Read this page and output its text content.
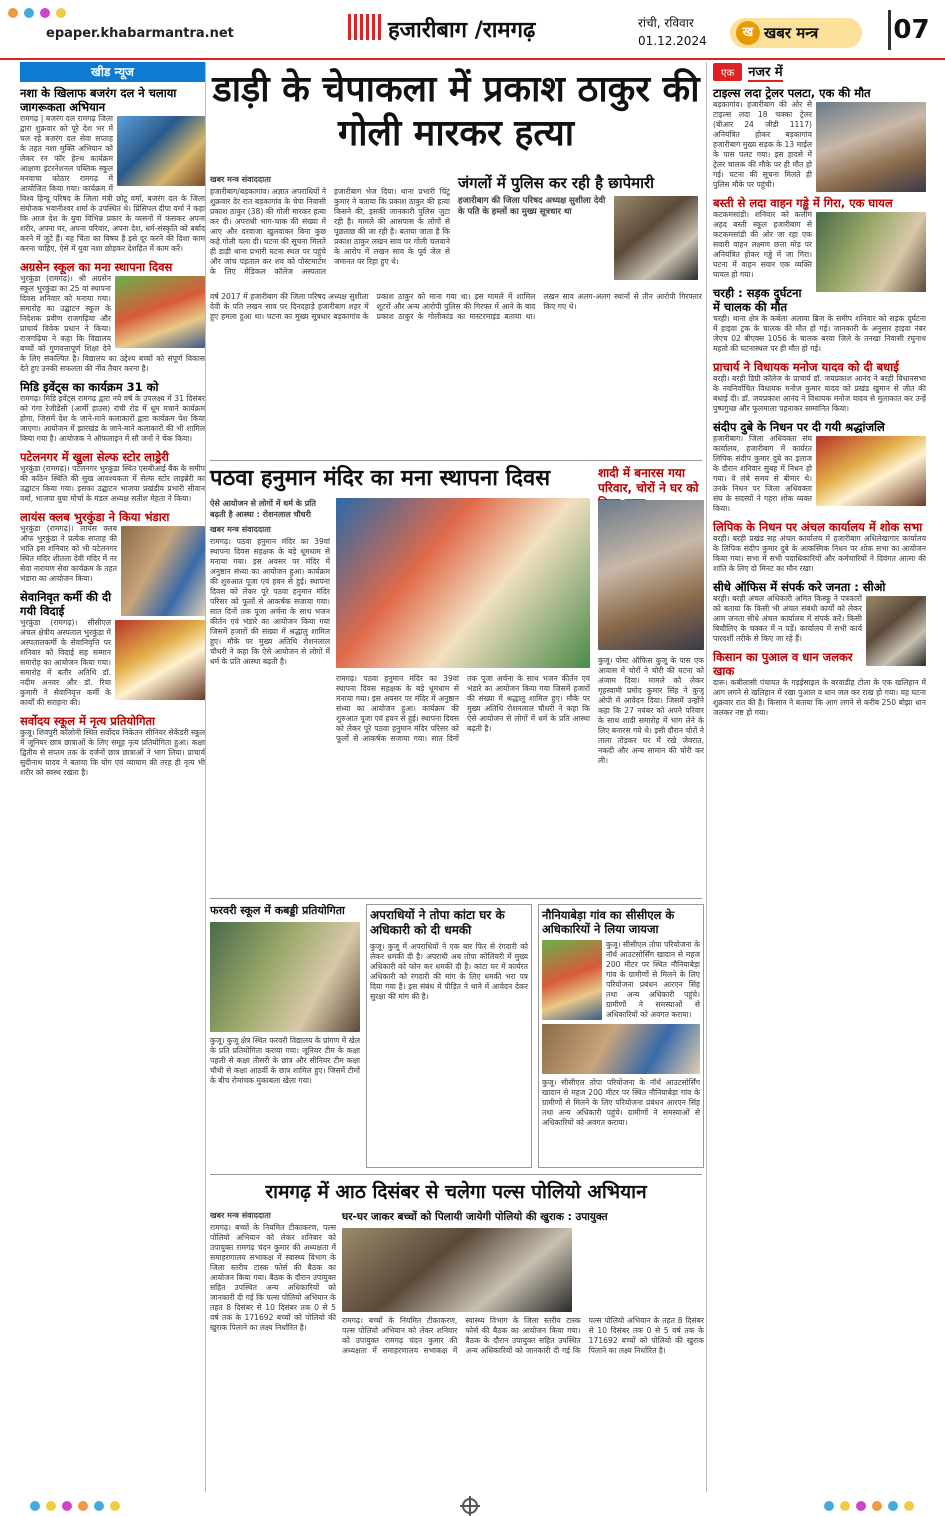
epaper.khabarmantra.net	हजारीबाग /रामगढ़	रांची, रविवार
01.12.2024
ख खबर मन्त्र	07
खीड न्यूज
नशा के खिलाफ बजरंग दल ने चलाया जागरूकता अभियान

रामगढ़ | बजरंग दल रामगढ़ जिला द्वारा शुक्रवार को पूरे देश भर में चल रहे बजरंग दल सेवा सप्ताह के तहत नशा मुक्ति अभियान को लेकर रन फॉर हेल्थ कार्यक्रम आक्षणा इंटरनेशनल पब्लिक स्कूल मनवाचा कोठार रामगढ़ में आयोजित किया गया। कार्यक्रम में विश्व हिन्दू परिषद के जिला मंत्री छोटू वर्मा, बजरंग दल के जिला संयोजक भवानीश्वर शर्मा के उपस्थित थे। प्रिंसिपल दीपा वर्मा ने कहा कि आज देश के युवा विभिन्न प्रकार के व्यसनों में फंसकर अपना शरीर, अपना घर, अपना परिवार, अपना देश, धर्म-संस्कृति को बर्बाद करने में जुटे हैं। यह चिंता का विषय है इसे दूर करने की दिशा काम करना चाहिए, ऐसे में युवा नशा छोड़कर देशहित में काम करें।

अग्रसेन स्कूल का मना स्थापना दिवस

भुरकुंडा (रामगढ़)। श्री अग्रसेन स्कूल भुरकुंडा का 25 वां स्थापना दिवस शनिवार को मनाया गया। समारोह का उद्घाटन स्कूल के निदेशक प्रवीण राजगढ़िया और प्राचार्य विवेक प्रधान ने किया। राजगढ़िया ने कहा कि विद्यालय बच्चों को गुणवत्तापूर्ण शिक्षा देने के लिए संकल्पित है। विद्यालय का उद्देश्य बच्चों को संपूर्ण विकास देते हुए उनकी सफलता की नींव तैयार करना है।

मिडि इवेंट्स का कार्यक्रम 31 को

रामगढ़। मिडि इवेंट्स रामगढ़ द्वारा नये वर्ष के उपलक्ष्य में 31 दिसंबर को गंगा रेजीडेंसी (आर्मी हाउस) रांची रोड में धूम मचाने कार्यक्रम होगा, जिसमें देश के जाने-माने कलाकारों द्वारा कार्यक्रम पेश किया जाएगा। आयोजन में झारखंड के जाने-माने कलाकारों की भी शामिल किया गया है। आयोजक ने ऑफलाइन में सौ जनों ने चेक किया।

पटेलनगर में खुला सेल्फ स्टोर लाड्रेरी

भुरकुंडा (रामगढ़)। पटेलनगर भुरकुंडा स्थित एसबीआई बैंक के समीप की कठिन स्थिति की सुख आवश्यकता में सेल्फ स्टोर लाइब्रेरी का उद्घाटन किया गया। इसका उद्घाटन भाजपा प्रखंडीय प्रभारी सीवान वर्मा, भाजपा युवा मोर्चा के मंडल अध्यक्ष सतीश मेहता ने किया।

लायंस क्लब भुरकुंडा ने किया भंडारा

भुरकुंडा (रामगढ़)। लायंस क्लब ऑफ भुरकुंडा ने प्रत्येक सप्ताह की भांति इस शनिवार को भी पटेलनगर स्थित मंदिर शीतला देवी मंदिर में नर सेवा नारायण सेवा कार्यक्रम के तहत भंडारा का आयोजन किया।

सेवानिवृत कर्मी की दी गयी विदाई

भुरकुंडा (रामगढ़)। सीसीएल अंचल क्षेत्रीय अस्पताल भुरकुंडा में अस्पतालकर्मी के सेवानिवृत्ति पर शनिवार को विदाई सह सम्मान समारोह का आयोजन किया गया। समारोह में बतौर अतिथि डॉ. नदीम अनवर और डॉ. रिया कुमारी ने सेवानिवृत्त कर्मी के कार्यों की सराहना की।

सर्वोदय स्कूल में नृत्य प्रतियोगिता

कुजू। शिवपुरी कॉलोनी स्थित सर्वोदय निकेतन सीनियर सेकेंडरी स्कूल में जूनियर छात्र छात्राओं के लिए समूह नृत्य प्रतियोगिता हुआ। कक्षा द्वितीय से सप्तम तक के दर्जनों छात्र छात्राओं ने भाग लिया। प्राचार्य सुदीनाथ यादव ने बताया कि योग एवं व्यायाम की तरह ही नृत्य भी शरीर को स्वस्थ रखता है।

डाड़ी के चेपाकला में प्रकाश ठाकुर की गोली मारकर हत्या
खबर मन्त्र संवाददाता

हजारीबाग/बड़कागांव। अज्ञात अपराधियों ने शुक्रवार देर रात बड़कागांव के चेपा निवासी प्रकाश ठाकुर (38) की गोली मारकर हत्या कर दी। अपराधी भाग-चाक की संख्या में आए और दरवाजा खुलवाकर बिना कुछ कहे गोली चला दी। घटना की सूचना मिलते ही डाड़ी थाना प्रभारी घटना स्थल पर पहुंचे और जांच पड़ताल कर शव को पोस्टमार्टम के लिए मेडिकल कॉलेज अस्पताल हजारीबाग भेज दिया। थाना प्रभारी चिंटू कुमार ने बताया कि प्रकाश ठाकुर की हत्या किसने की, इसकी जानकारी पुलिस जुटा रही है। मामले की आसपास के लोगों से पूछताछ की जा रही है। बताया जाता है कि प्रकाश ठाकुर लखन साव पर गोली चलवाने के आरोप में लखन साव के पूर्व जेल से जमानत पर रिहा हुए थे।

जंगलों में पुलिस कर रही है छापेमारी
हजारीबाग की जिला परिषद अध्यक्ष सुशीला देवी के पति के हम्लों का मुख्य सूत्रधार था

वर्ष 2017 में हजारीबाग की जिला परिषद अध्यक्ष सुशीला देवी के पति लखन साव पर दिनदहाड़े हजारीबाग शहर में हुए हमला हुआ था। घटना का मुख्य सूत्रधार बड़कागांव के प्रकाश ठाकुर को माना गया था। इस मामले में शामिल शूटरों और अन्य आरोपी पुलिस की गिरफ्त में आने के बाद प्रकाश ठाकुर के गोलीकांड का मास्टरमाइंड बताया था। लखन साव अलग-अलग स्थानों से तीन आरोपी गिरफ्तार किए गए थे।

पठवा हनुमान मंदिर का मना स्थापना दिवस	शादी में बनारस गया परिवार, चोरों ने घर को
ऐसे आयोजन से लोगों में धर्म के प्रति बढ़ती है आस्था : रोशनलाल चौधरी
खबर मन्त्र संवाददाता

रामगढ़। पठवा हनुमान मंदिर का 39वां स्थापना दिवस सहक्षक के बड़े धूमधाम से मनाया गया। इस अवसर पर मंदिर में अनुष्ठान संध्या का आयोजन हुआ। कार्यक्रम की शुरुआत पूजा एवं हवन से हुई। स्थापना दिवस को लेकर पूरे पठवा हनुमान मंदिर परिसर को फूलों से आकर्षक सजाया गया। सात दिनों तक पूजा अर्चना के साथ भजन कीर्तन एवं भंडारे का आयोजन किया गया जिसमें हजारों की संख्या में श्रद्धालु शामिल हुए। मौके पर मुख्य अतिथि रोशनलाल चौधरी ने कहा कि ऐसे आयोजन से लोगों में धर्म के प्रति आस्था बढ़ती है।

रामगढ़। पठवा हनुमान मंदिर का 39वां स्थापना दिवस सहक्षक के बड़े धूमधाम से मनाया गया। इस अवसर पर मंदिर में अनुष्ठान संध्या का आयोजन हुआ। कार्यक्रम की शुरुआत पूजा एवं हवन से हुई। स्थापना दिवस को लेकर पूरे पठवा हनुमान मंदिर परिसर को फूलों से आकर्षक सजाया गया। सात दिनों तक पूजा अर्चना के साथ भजन कीर्तन एवं भंडारे का आयोजन किया गया जिसमें हजारों की संख्या में श्रद्धालु शामिल हुए। मौके पर मुख्य अतिथि रोशनलाल चौधरी ने कहा कि ऐसे आयोजन से लोगों में धर्म के प्रति आस्था बढ़ती है।

कुजू। पोस्ट ऑफिस कुजू के पास एक आवास में चोरों ने चोरी की घटना को अंजाम दिया। मामले को लेकर गृहस्वामी प्रमोद कुमार सिंह ने कुजू ओपी में आवेदन दिया। जिसमें उन्होंने कहा कि 27 नवंबर को अपने परिवार के साथ शादी समारोह में भाग लेने के लिए बनारस गये थे। इसी दौरान चोरों ने ताला तोड़कर घर में रखे जेवरात, नकदी और अन्य सामान की चोरी कर ली।

फरवरी स्कूल में कबड्डी प्रतियोगिता

कुजू। कुजू क्षेत्र स्थित फरवरी विद्यालय के प्रांगण में खेल के प्रति प्रतियोगिता कराया गया। जूनियर टीम के कक्षा पहली से कक्षा तीसरी के छात्र और सीनियर टीम कक्षा चौथी से कक्षा आठवीं के छात्र शामिल हुए। जिसमें टीमों के बीच रोमांचक मुकाबला खेला गया।

अपराधियों ने तोपा कांटा घर के अधिकारी को दी धमकी

कुजू। कुजू में अपराधियों ने एक बार फिर से रंगदारी को लेकर धमकी दी है। अपराधी अब तोपा कोलियरी में मुख्य अधिकारी को फोन कर धमकी दी है। कांटा घर में कार्यरत अधिकारी को रंगदारी की मांग के लिए धमकी भरा पत्र दिया गया है। इस संबंध में पीड़ित ने थाने में आवेदन देकर सुरक्षा की मांग की है।

नौनियाबेड़ा गांव का सीसीएल के अधिकारियों ने लिया जायजा

कुजू। सीसीएल तोपा परियोजना के नॉर्थ आउटसोर्सिंग खादान से महज 200 मीटर पर स्थित नौनियाबेड़ा गांव के ग्रामीणों से मिलने के लिए परियोजना प्रबंधन आरएन सिंह तथा अन्य अधिकारी पहुंचे। ग्रामीणों ने समस्याओं से अधिकारियों को अवगत कराया।

कुजू। सीसीएल तोपा परियोजना के नॉर्थ आउटसोर्सिंग खादान से महज 200 मीटर पर स्थित नौनियाबेड़ा गांव के ग्रामीणों से मिलने के लिए परियोजना प्रबंधन आरएन सिंह तथा अन्य अधिकारी पहुंचे। ग्रामीणों ने समस्याओं से अधिकारियों को अवगत कराया।

रामगढ़ में आठ दिसंबर से चलेगा पल्स पोलियो अभियान
खबर मन्त्र संवाददाता

रामगढ़। बच्चों के नियमित टीकाकरण, पल्स पोलियो अभियान को लेकर शनिवार को उपायुक्त रामगढ़ चंदन कुमार की अध्यक्षता में समाहरणालय सभाकक्ष में स्वास्थ्य विभाग के जिला स्तरीय टास्क फोर्स की बैठक का आयोजन किया गया। बैठक के दौरान उपायुक्त सहित उपस्थित अन्य अधिकारियों को जानकारी दी गई कि पल्स पोलियो अभियान के तहत 8 दिसंबर से 10 दिसंबर तक 0 से 5 वर्ष तक के 171692 बच्चों को पोलियो की खुराक पिलाने का लक्ष्य निर्धारित है।

घर-घर जाकर बच्चों को पिलायी जायेगी पोलियो की खुराक : उपायुक्त

रामगढ़। बच्चों के नियमित टीकाकरण, पल्स पोलियो अभियान को लेकर शनिवार को उपायुक्त रामगढ़ चंदन कुमार की अध्यक्षता में समाहरणालय सभाकक्ष में स्वास्थ्य विभाग के जिला स्तरीय टास्क फोर्स की बैठक का आयोजन किया गया। बैठक के दौरान उपायुक्त सहित उपस्थित अन्य अधिकारियों को जानकारी दी गई कि पल्स पोलियो अभियान के तहत 8 दिसंबर से 10 दिसंबर तक 0 से 5 वर्ष तक के 171692 बच्चों को पोलियो की खुराक पिलाने का लक्ष्य निर्धारित है।

एक	नजर में
टाइल्स लदा ट्रेलर पलटा, एक की मौत

बड़कागांव। हजारीबाग की ओर से टाइल्स लदा 18 चक्का ट्रेलर (बीआर 24 जीडी 1117) अनियंत्रित होकर बड़कागांव हजारीबाग मुख्य सड़क के 13 माईल के पास पलट गया। इस हादसे में ट्रेलर चालक की मौके पर ही मौत हो गई। घटना की सूचना मिलते ही पुलिस मौके पर पहुंची।

बस्ती से लदा वाहन गड्ढे में गिरा, एक घायल

कटकमसांडी। शनिवार को कलीम अहद बस्ती स्कूल हजारीबाग से कटकमसांडी की ओर जा रहा एक सवारी वाहन लक्ष्मण छत्ता मोड़ पर अनियंत्रित होकर गड्ढे में जा गिरा। घटना में वाहन सवार एक व्यक्ति घायल हो गया।

चरही : सड़क दुर्घटना में चालक की मौत

चरही। थाना क्षेत्र के कर्बला अलावा ब्रिज के समीप शनिवार को सड़क दुर्घटना में हाइवा ट्रक के चालक की मौत हो गई। जानकारी के अनुसार हाइवा नंबर जेएच 02 बीएक्स 1056 के चालक बरवा जिले के तनखा निवासी रघुनाथ महतो की घटनास्थल पर ही मौत हो गई।

प्राचार्य ने विधायक मनोज यादव को दी बधाई

बरही। बरही डिग्री कॉलेज के प्राचार्य डॉ. जयप्रकाश आनंद ने बरही विधानसभा के नवनिर्वाचित विधायक मनोज कुमार यादव को प्रखंड खुमान से जीत की बधाई दी। डॉ. जयप्रकाश आनंद ने विधायक मनोज यादव से मुलाकात कर उन्हें पुष्पगुच्छ और फूलमाला पहनाकर सम्मानित किया।

संदीप दुबे के निधन पर दी गयी श्रद्धांजलि

हजारीबाग। जिला अधिवक्ता संघ कार्यालय, हजारीबाग में कार्यरत लिपिक संदीप कुमार दुबे का इलाज के दौरान शनिवार सुबह में निधन हो गया। वे लंबे समय से बीमार थे। उनके निधन पर जिला अधिवक्ता संघ के सदस्यों ने गहरा शोक व्यक्त किया।

लिपिक के निधन पर अंचल कार्यालय में शोक सभा

बरही। बरही प्रखंड सह अंचल कार्यालय में हजारीबाग अधिलेखागार कार्यालय के लिपिक संदीप कुमार दुबे के आकस्मिक निधन पर शोक सभा का आयोजन किया गया। सभा में सभी पदाधिकारियों और कर्मचारियों ने दिवंगत आत्मा की शांति के लिए दो मिनट का मौन रखा।

सीधे ऑफिस में संपर्क करे जनता : सीओ

बरही। बरही अंचल अधिकारी अमित किस्कू ने पत्रकारों को बताया कि किसी भी अंचल संबंधी कार्यों को लेकर आम जनता सीधे अंचल कार्यालय में संपर्क करें। किसी बिचौलिए के चक्कर में न पड़ें। कार्यालय में सभी कार्य पारदर्शी तरीके से किए जा रहे हैं।

किसान का पुआल व धान जलकर खाक

दारू। कबीलासी पंचायत के गड़ईसाइल के बरवाडीह टोला के एक खलिहान में आग लगने से खलिहान में रखा पुआल व धान जल कर राख हो गया। यह घटना शुक्रवार रात की है। किसान ने बताया कि आग लगने से करीब 250 बोझा धान जलकर नष्ट हो गया।
